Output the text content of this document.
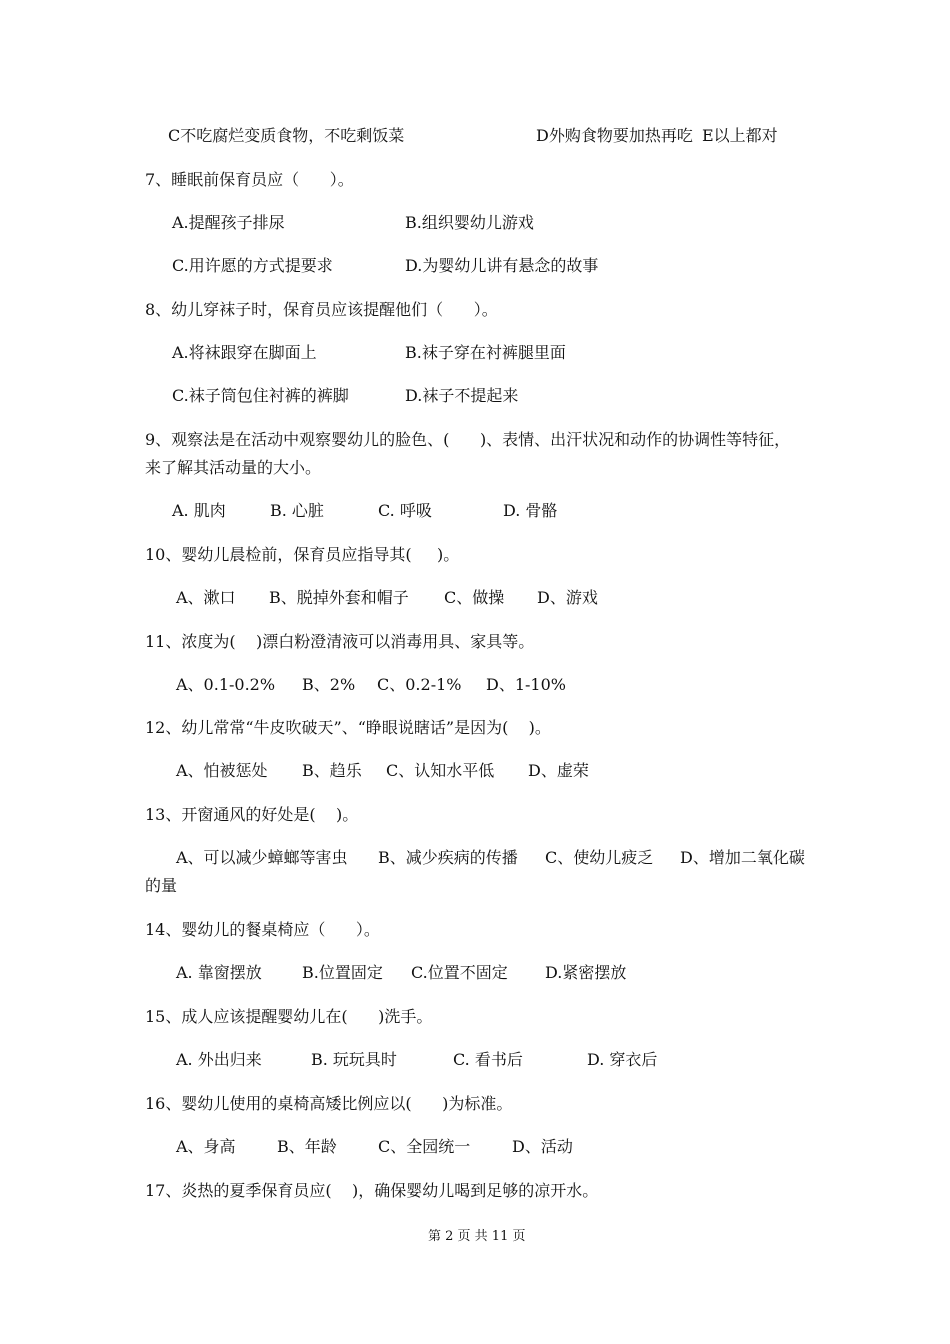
C不吃腐烂变质食物，不吃剩饭菜	D外购食物要加热再吃 E以上都对
7、睡眠前保育员应（      ）。
A.提醒孩子排尿	B.组织婴幼儿游戏
C.用许愿的方式提要求	D.为婴幼儿讲有悬念的故事
8、幼儿穿袜子时，保育员应该提醒他们（      ）。
A.将袜跟穿在脚面上	B.袜子穿在衬裤腿里面
C.袜子筒包住衬裤的裤脚	D.袜子不提起来
9、观察法是在活动中观察婴幼儿的脸色、(      )、表情、出汗状况和动作的协调性等特征，
来了解其活动量的大小。
A. 肌肉	B. 心脏	C. 呼吸	D. 骨骼
10、婴幼儿晨检前，保育员应指导其(     )。
A、漱口 B、脱掉外套和帽子 C、做操 D、游戏
11、浓度为(    )漂白粉澄清液可以消毒用具、家具等。
A、0.1-0.2% B、2% C、0.2-1% D、1-10%
12、幼儿常常“牛皮吹破天”、“睁眼说瞎话”是因为(    )。
A、怕被惩处 B、趋乐 C、认知水平低 D、虚荣
13、开窗通风的好处是(    )。
A、可以减少蟑螂等害虫 B、减少疾病的传播 C、使幼儿疲乏 D、增加二氧化碳
的量
14、婴幼儿的餐桌椅应（      ）。
A. 靠窗摆放	B.位置固定 C.位置不固定 D.紧密摆放
15、成人应该提醒婴幼儿在(      )洗手。
A. 外出归来	B. 玩玩具时	C. 看书后	D. 穿衣后
16、婴幼儿使用的桌椅高矮比例应以(      )为标准。
A、身高	B、年龄	C、全园统一	D、活动
17、炎热的夏季保育员应(    )，确保婴幼儿喝到足够的凉开水。
第 2 页 共 11 页
